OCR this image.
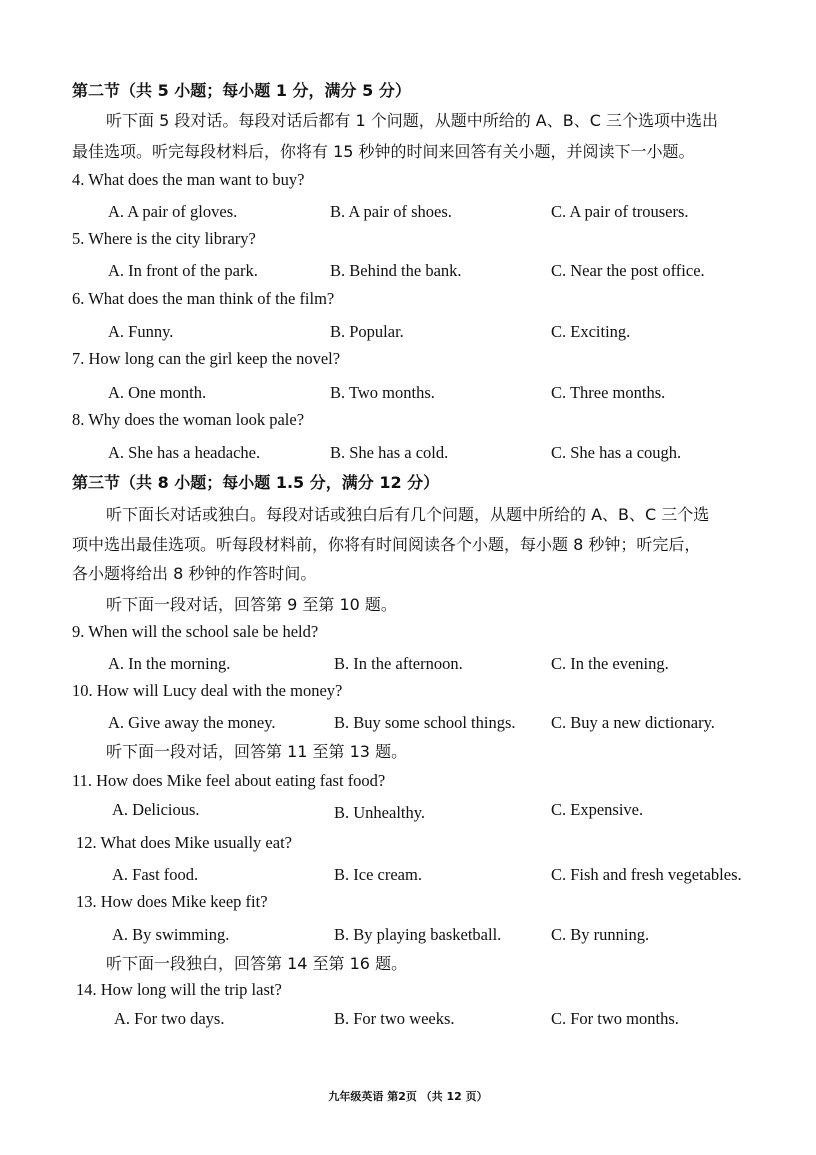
第二节（共 5 小题；每小题 1 分，满分 5 分）
听下面 5 段对话。每段对话后都有 1 个问题，从题中所给的 A、B、C 三个选项中选出
最佳选项。听完每段材料后，你将有 15 秒钟的时间来回答有关小题，并阅读下一小题。
4. What does the man want to buy?
A. A pair of gloves.	B. A pair of shoes.	C. A pair of trousers.
5. Where is the city library?
A. In front of the park.	B. Behind the bank.	C. Near the post office.
6. What does the man think of the film?
A. Funny.	B. Popular.	C. Exciting.
7. How long can the girl keep the novel?
A. One month.	B. Two months.	C. Three months.
8. Why does the woman look pale?
A. She has a headache.	B. She has a cold.	C. She has a cough.
第三节（共 8 小题；每小题 1.5 分，满分 12 分）
听下面长对话或独白。每段对话或独白后有几个问题，从题中所给的 A、B、C 三个选
项中选出最佳选项。听每段材料前，你将有时间阅读各个小题，每小题 8 秒钟；听完后，
各小题将给出 8 秒钟的作答时间。
听下面一段对话，回答第 9 至第 10 题。
9. When will the school sale be held?
A. In the morning.	B. In the afternoon.	C. In the evening.
10. How will Lucy deal with the money?
A. Give away the money.	B. Buy some school things. C. Buy a new dictionary.
听下面一段对话，回答第 11 至第 13 题。
11. How does Mike feel about eating fast food?
A. Delicious.	B. Unhealthy.	C. Expensive.
12. What does Mike usually eat?
A. Fast food.	B. Ice cream.	C. Fish and fresh vegetables.
13. How does Mike keep fit?
A. By swimming.	B. By playing basketball.	C. By running.
听下面一段独白，回答第 14 至第 16 题。
14. How long will the trip last?
A. For two days.	B. For two weeks.	C. For two months.
九年级英语 第2页 （共 12 页）
